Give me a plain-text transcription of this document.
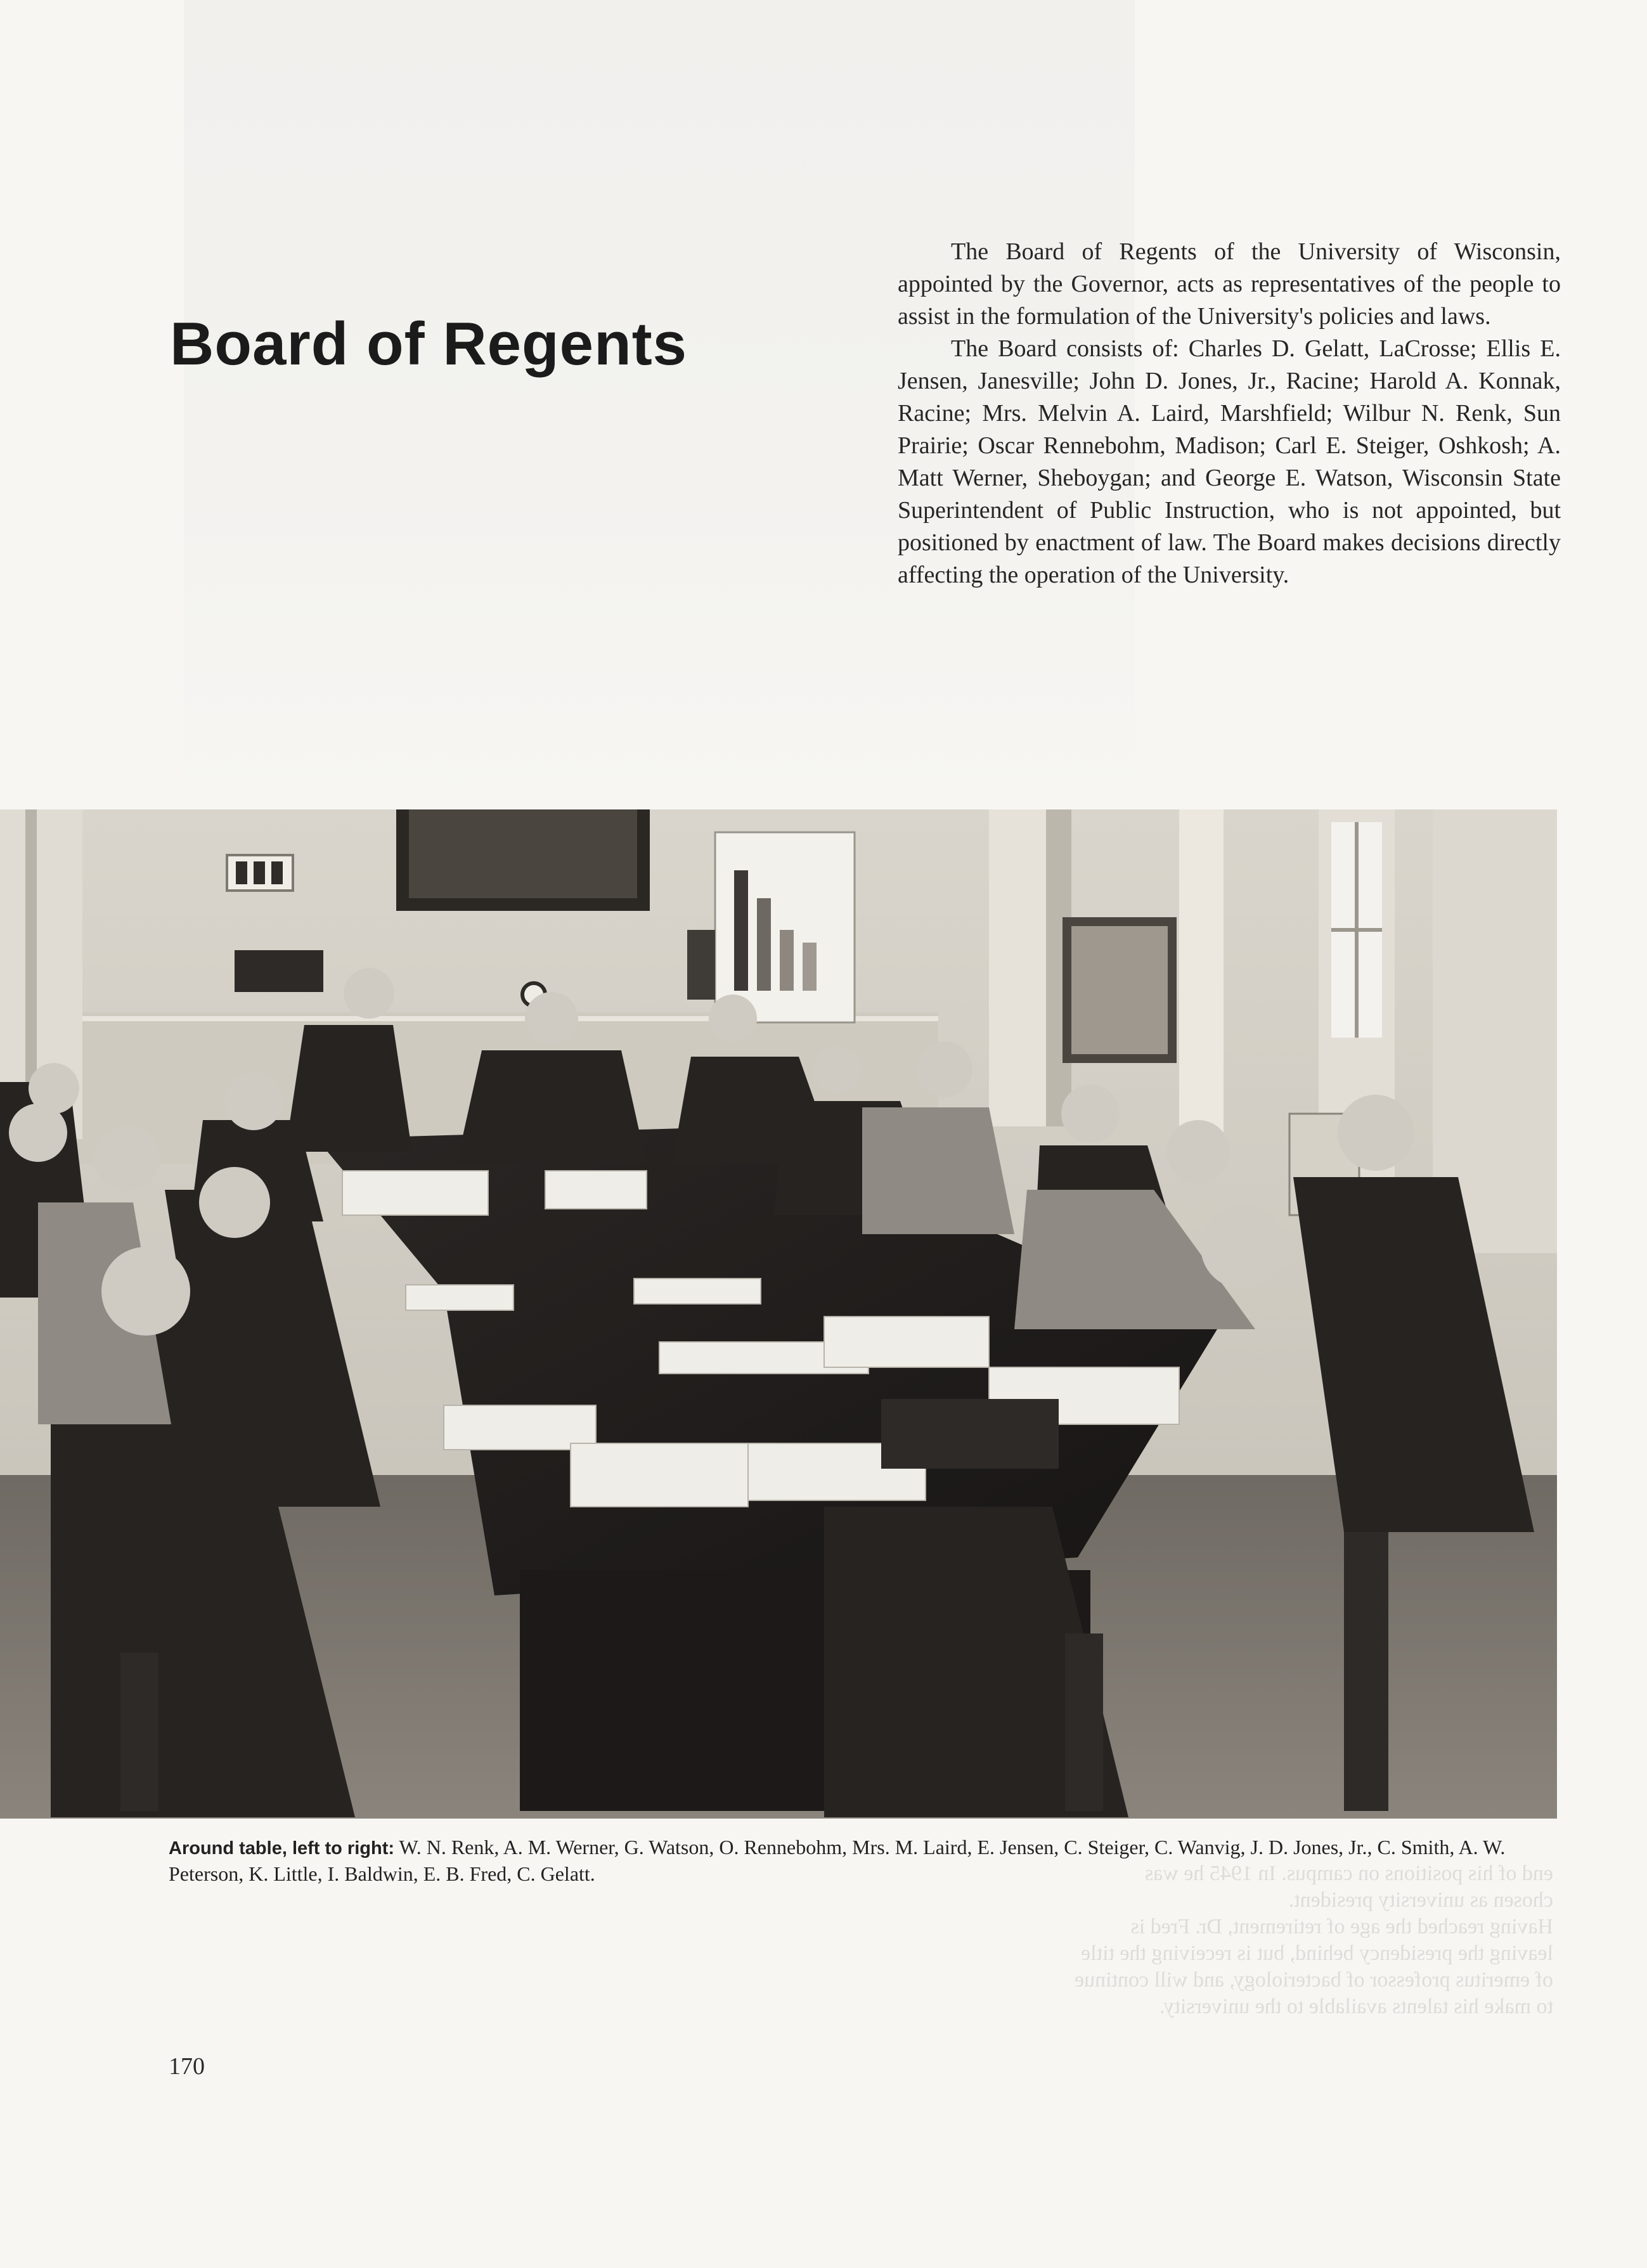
Board of Regents

The Board of Regents of the University of Wisconsin, appointed by the Governor, acts as representatives of the people to assist in the formulation of the University's policies and laws.

The Board consists of: Charles D. Gelatt, LaCrosse; Ellis E. Jensen, Janesville; John D. Jones, Jr., Racine; Harold A. Konnak, Racine; Mrs. Melvin A. Laird, Marshfield; Wilbur N. Renk, Sun Prairie; Oscar Rennebohm, Madison; Carl E. Steiger, Oshkosh; A. Matt Werner, Sheboygan; and George E. Watson, Wisconsin State Superintendent of Public Instruction, who is not appointed, but positioned by enactment of law. The Board makes decisions directly affecting the operation of the University.

Around table, left to right: W. N. Renk, A. M. Werner, G. Watson, O. Rennebohm, Mrs. M. Laird, E. Jensen, C. Steiger, C. Wanvig, J. D. Jones, Jr., C. Smith, A. W. Peterson, K. Little, I. Baldwin, E. B. Fred, C. Gelatt.
170
end of his positions on campus. In 1945 he was
chosen as university president.
Having reached the age of retirement, Dr. Fred is
leaving the presidency behind, but is receiving the title
of emeritus professor of bacteriology, and will continue
to make his talents available to the university.
